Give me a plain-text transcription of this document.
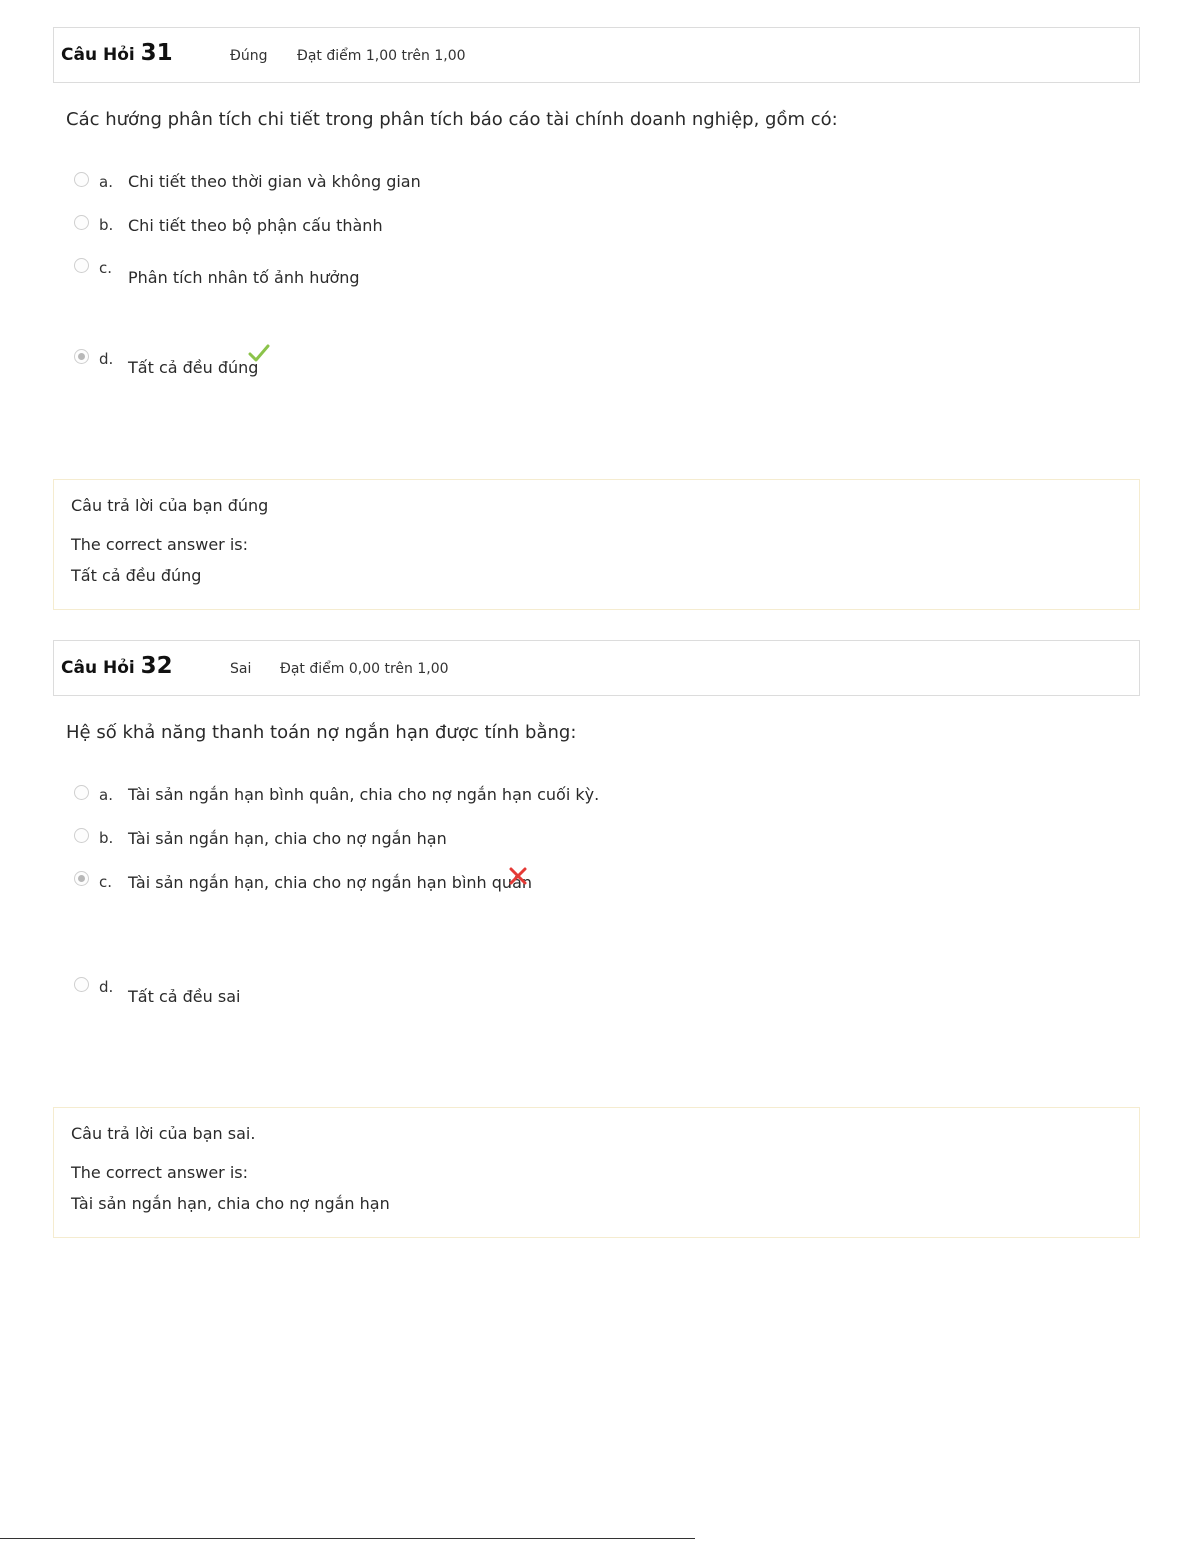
Câu Hỏi 31	Đúng Đạt điểm 1,00 trên 1,00
Các hướng phân tích chi tiết trong phân tích báo cáo tài chính doanh nghiệp, gồm có:
a. Chi tiết theo thời gian và không gian
b. Chi tiết theo bộ phận cấu thành
c. Phân tích nhân tố ảnh hưởng
d. Tất cả đều đúng
Câu trả lời của bạn đúng
The correct answer is:
Tất cả đều đúng
Câu Hỏi 32	Sai Đạt điểm 0,00 trên 1,00
Hệ số khả năng thanh toán nợ ngắn hạn được tính bằng:
a. Tài sản ngắn hạn bình quân, chia cho nợ ngắn hạn cuối kỳ.
b. Tài sản ngắn hạn, chia cho nợ ngắn hạn
c. Tài sản ngắn hạn, chia cho nợ ngắn hạn bình quân
d. Tất cả đều sai
Câu trả lời của bạn sai.
The correct answer is:
Tài sản ngắn hạn, chia cho nợ ngắn hạn
